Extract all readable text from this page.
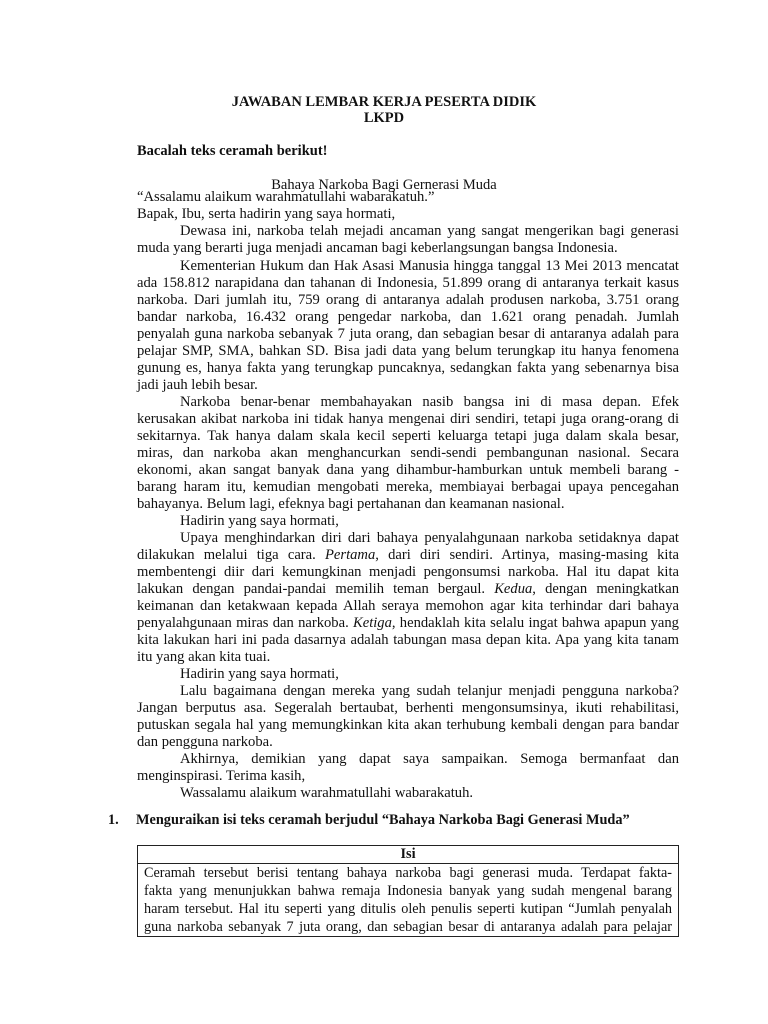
JAWABAN LEMBAR KERJA PESERTA DIDIK
LKPD
Bacalah teks ceramah berikut!
Bahaya Narkoba Bagi Gernerasi Muda
“Assalamu alaikum warahmatullahi wabarakatuh.”
Bapak, Ibu, serta hadirin yang saya hormati,
Dewasa ini, narkoba telah mejadi ancaman yang sangat mengerikan bagi generasi
muda yang berarti juga menjadi ancaman bagi keberlangsungan bangsa Indonesia.
Kementerian Hukum dan Hak Asasi Manusia hingga tanggal 13 Mei 2013 mencatat
ada 158.812 narapidana dan tahanan di Indonesia, 51.899 orang di antaranya terkait kasus
narkoba. Dari jumlah itu, 759 orang di antaranya adalah produsen narkoba, 3.751 orang
bandar narkoba, 16.432 orang pengedar narkoba, dan 1.621 orang penadah. Jumlah
penyalah guna narkoba sebanyak 7 juta orang, dan sebagian besar di antaranya adalah para
pelajar SMP, SMA, bahkan SD. Bisa jadi data yang belum terungkap itu hanya fenomena
gunung es, hanya fakta yang terungkap puncaknya, sedangkan fakta yang sebenarnya bisa
jadi jauh lebih besar.
Narkoba benar-benar membahayakan nasib bangsa ini di masa depan. Efek
kerusakan akibat narkoba ini tidak hanya mengenai diri sendiri, tetapi juga orang-orang di
sekitarnya. Tak hanya dalam skala kecil seperti keluarga tetapi juga dalam skala besar,
miras, dan narkoba akan menghancurkan sendi-sendi pembangunan nasional. Secara
ekonomi, akan sangat banyak dana yang dihambur-hamburkan untuk membeli barang -
barang haram itu, kemudian mengobati mereka, membiayai berbagai upaya pencegahan
bahayanya. Belum lagi, efeknya bagi pertahanan dan keamanan nasional.
Hadirin yang saya hormati,
Upaya menghindarkan diri dari bahaya penyalahgunaan narkoba setidaknya dapat
dilakukan melalui tiga cara. Pertama, dari diri sendiri. Artinya, masing-masing kita
membentengi diir dari kemungkinan menjadi pengonsumsi narkoba. Hal itu dapat kita
lakukan dengan pandai-pandai memilih teman bergaul. Kedua, dengan meningkatkan
keimanan dan ketakwaan kepada Allah seraya memohon agar kita terhindar dari bahaya
penyalahgunaan miras dan narkoba. Ketiga, hendaklah kita selalu ingat bahwa apapun yang
kita lakukan hari ini pada dasarnya adalah tabungan masa depan kita. Apa yang kita tanam
itu yang akan kita tuai.
Hadirin yang saya hormati,
Lalu bagaimana dengan mereka yang sudah telanjur menjadi pengguna narkoba?
Jangan berputus asa. Segeralah bertaubat, berhenti mengonsumsinya, ikuti rehabilitasi,
putuskan segala hal yang memungkinkan kita akan terhubung kembali dengan para bandar
dan pengguna narkoba.
Akhirnya, demikian yang dapat saya sampaikan. Semoga bermanfaat dan
menginspirasi. Terima kasih,
Wassalamu alaikum warahmatullahi wabarakatuh.
1. Menguraikan isi teks ceramah berjudul “Bahaya Narkoba Bagi Generasi Muda”
Isi

Ceramah tersebut berisi tentang bahaya narkoba bagi generasi muda. Terdapat fakta-
fakta yang menunjukkan bahwa remaja Indonesia banyak yang sudah mengenal barang
haram tersebut. Hal itu seperti yang ditulis oleh penulis seperti kutipan “Jumlah penyalah
guna narkoba sebanyak 7 juta orang, dan sebagian besar di antaranya adalah para pelajar
